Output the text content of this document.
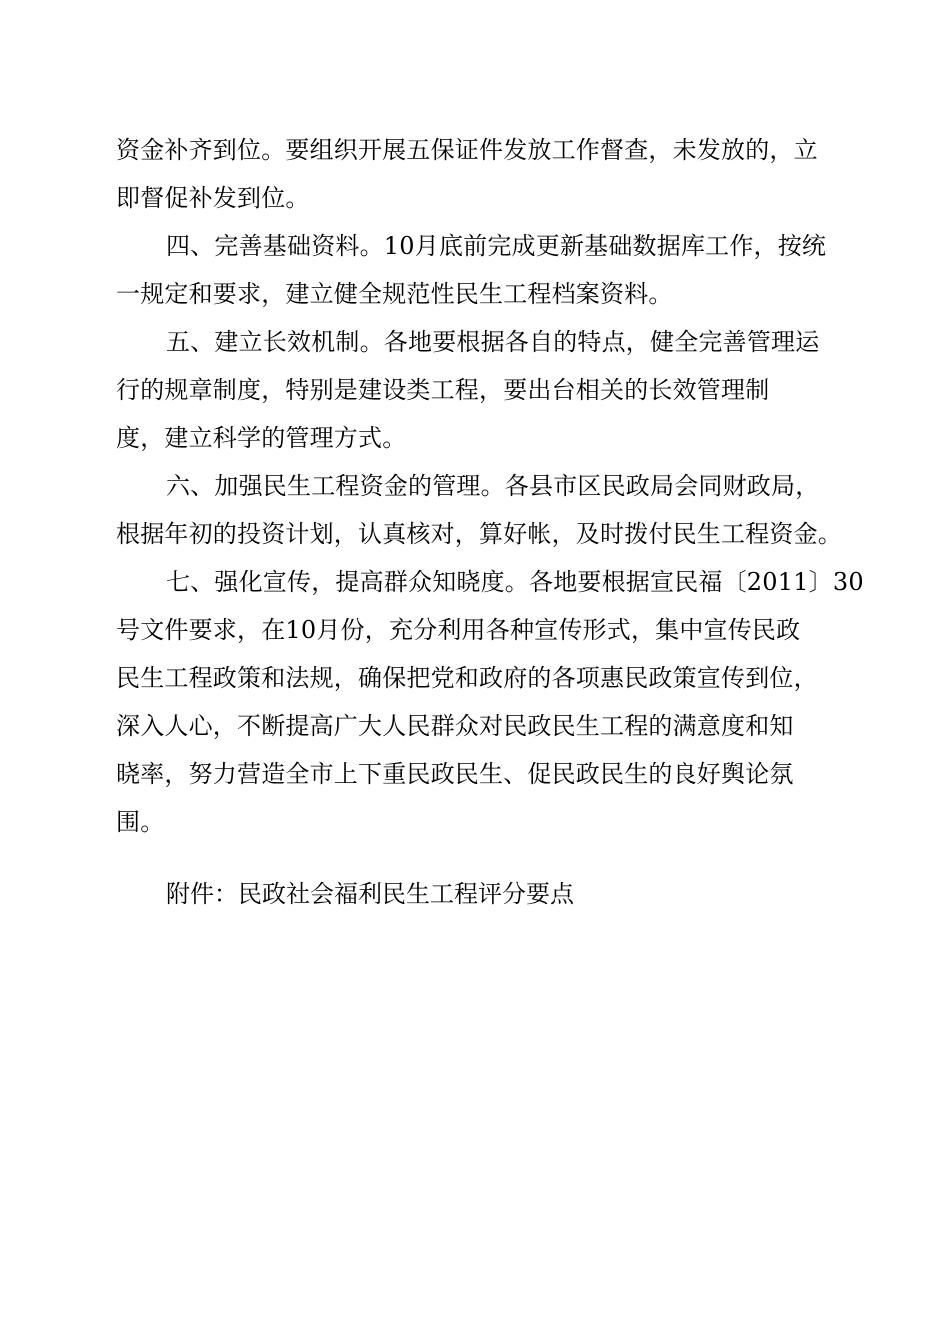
资金补齐到位。要组织开展五保证件发放工作督查，未发放的，立
即督促补发到位。
四、完善基础资料。10月底前完成更新基础数据库工作，按统
一规定和要求，建立健全规范性民生工程档案资料。
五、建立长效机制。各地要根据各自的特点，健全完善管理运
行的规章制度，特别是建设类工程，要出台相关的长效管理制
度，建立科学的管理方式。
六、加强民生工程资金的管理。各县市区民政局会同财政局，
根据年初的投资计划，认真核对，算好帐，及时拨付民生工程资金。
七、强化宣传，提高群众知晓度。各地要根据宣民福〔2011〕30
号文件要求，在10月份，充分利用各种宣传形式，集中宣传民政
民生工程政策和法规，确保把党和政府的各项惠民政策宣传到位，
深入人心，不断提高广大人民群众对民政民生工程的满意度和知
晓率，努力营造全市上下重民政民生、促民政民生的良好舆论氛
围。
附件：民政社会福利民生工程评分要点
